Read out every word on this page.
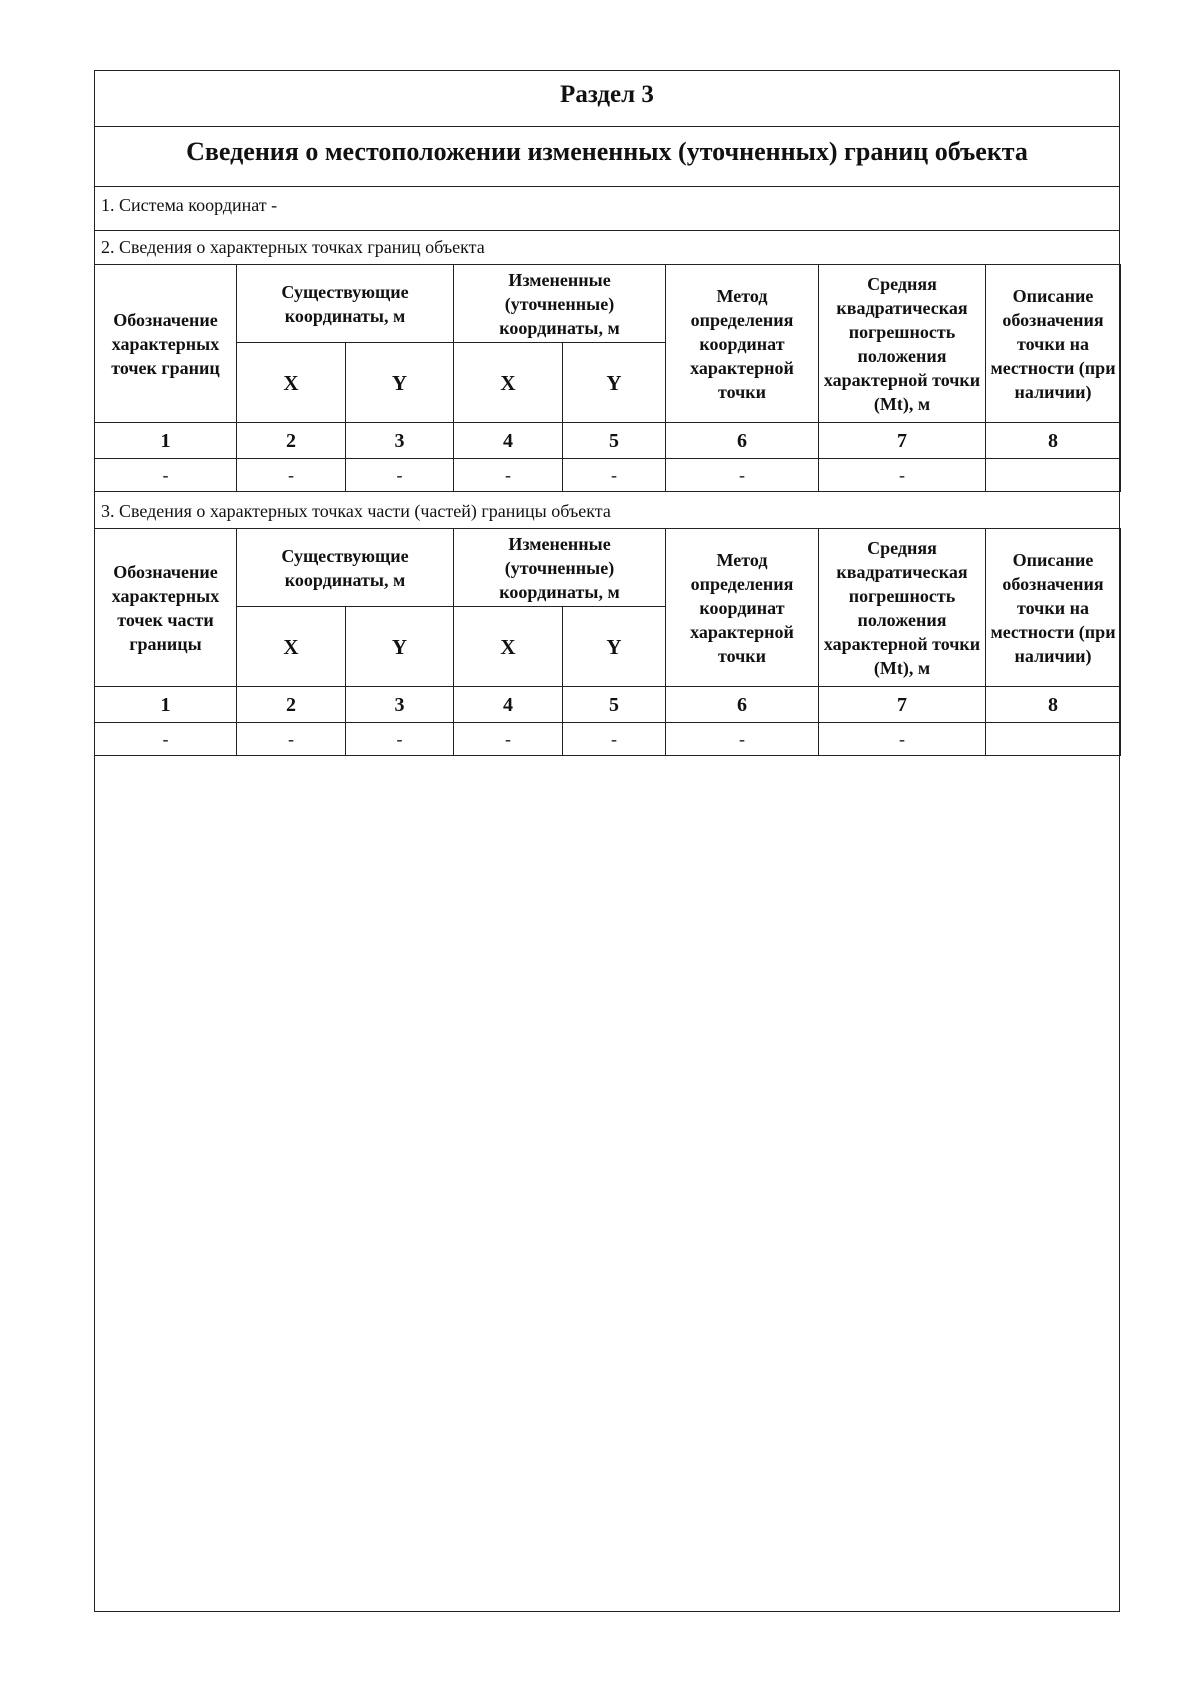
Раздел 3
Сведения о местоположении измененных (уточненных) границ объекта
1. Система координат -
2. Сведения о характерных точках границ объекта
Обозначение характерных точек границ	Существующие координаты, м		Измененные (уточненные) координаты, м		Метод определения координат характерной точки	Средняя квадратическая погрешность положения характерной точки (Mt), м	Описание обозначения точки на местности (при наличии)

	X	Y	X	Y			
1	2	3	4	5	6	7	8
-	-	-	-	-	-	-	
3. Сведения о характерных точках части (частей) границы объекта
Обозначение характерных точек части границы	Существующие координаты, м		Измененные (уточненные) координаты, м		Метод определения координат характерной точки	Средняя квадратическая погрешность положения характерной точки (Mt), м	Описание обозначения точки на местности (при наличии)

	X	Y	X	Y			
1	2	3	4	5	6	7	8
-	-	-	-	-	-	-	
